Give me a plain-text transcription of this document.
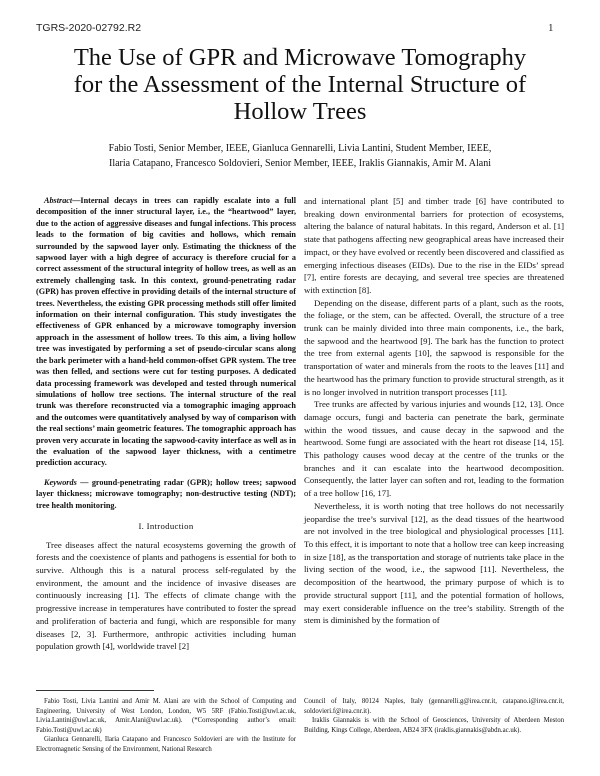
TGRS-2020-02792.R2	1
The Use of GPR and Microwave Tomography
for the Assessment of the Internal Structure of
Hollow Trees
Fabio Tosti, Senior Member, IEEE, Gianluca Gennarelli, Livia Lantini, Student Member, IEEE,
Ilaria Catapano, Francesco Soldovieri, Senior Member, IEEE, Iraklis Giannakis, Amir M. Alani

Abstract—Internal decays in trees can rapidly escalate into a full decomposition of the inner structural layer, i.e., the “heartwood” layer, due to the action of aggressive diseases and fungal infections. This process leads to the formation of big cavities and hollows, which remain surrounded by the sapwood layer only. Estimating the thickness of the sapwood layer with a high degree of accuracy is therefore crucial for a correct assessment of the structural integrity of hollow trees, as well as an extremely challenging task. In this context, ground-penetrating radar (GPR) has proven effective in providing details of the internal structure of trees. Nevertheless, the existing GPR processing methods still offer limited information on their internal configuration. This study investigates the effectiveness of GPR enhanced by a microwave tomography inversion approach in the assessment of hollow trees. To this aim, a living hollow tree was investigated by performing a set of pseudo-circular scans along the bark perimeter with a hand-held common-offset GPR system. The tree was then felled, and sections were cut for testing purposes. A dedicated data processing framework was developed and tested through numerical simulations of hollow tree sections. The internal structure of the real trunk was therefore reconstructed via a tomographic imaging approach and the outcomes were quantitatively analysed by way of comparison with the real sections’ main geometric features. The tomographic approach has proven very accurate in locating the sapwood-cavity interface as well as in the evaluation of the sapwood layer thickness, with a centimetre prediction accuracy.

Keywords — ground-penetrating radar (GPR); hollow trees; sapwood layer thickness; microwave tomography; non-destructive testing (NDT); tree health monitoring.

I. Introduction

Tree diseases affect the natural ecosystems governing the growth of forests and the coexistence of plants and pathogens is essential for both to survive. Although this is a natural process self-regulated by the environment, the amount and the incidence of invasive diseases are continuously increasing [1]. The effects of climate change with the progressive increase in temperatures have contributed to foster the spread and proliferation of bacteria and fungi, which are responsible for many diseases [2, 3]. Furthermore, anthropic activities including human population growth [4], worldwide travel [2]

and international plant [5] and timber trade [6] have contributed to breaking down environmental barriers for protection of ecosystems, altering the balance of natural habitats. In this regard, Anderson et al. [1] state that pathogens affecting new geographical areas have increased their impact, or they have evolved or recently been discovered and classified as emerging infectious diseases (EIDs). Due to the rise in the EIDs’ spread [7], entire forests are decaying, and several tree species are threatened with extinction [8].

Depending on the disease, different parts of a plant, such as the roots, the foliage, or the stem, can be affected. Overall, the structure of a tree trunk can be mainly divided into three main components, i.e., the bark, the sapwood and the heartwood [9]. The bark has the function to protect the tree from external agents [10], the sapwood is responsible for the transportation of water and minerals from the roots to the leaves [11] and the heartwood has the primary function to provide structural strength, as it is no longer involved in nutrition transport processes [11].

Tree trunks are affected by various injuries and wounds [12, 13]. Once damage occurs, fungi and bacteria can penetrate the bark, germinate within the wood tissues, and cause decay in the sapwood and the heartwood. Some fungi are associated with the heart rot disease [14, 15]. This pathology causes wood decay at the centre of the trunks or the branches and it can escalate into the heartwood decomposition. Consequently, the latter layer can soften and rot, leading to the formation of a tree hollow [16, 17].

Nevertheless, it is worth noting that tree hollows do not necessarily jeopardise the tree’s survival [12], as the dead tissues of the heartwood are not involved in the tree biological and physiological processes [11]. To this effect, it is important to note that a hollow tree can keep increasing in size [18], as the transportation and storage of nutrients take place in the living section of the wood, i.e., the sapwood [11]. Nevertheless, the decomposition of the heartwood, the primary purpose of which is to provide structural support [11], and the potential formation of hollows, may exert considerable influence on the tree’s stability. Strength of the stem is diminished by the formation of

Fabio Tosti, Livia Lantini and Amir M. Alani are with the School of Computing and Engineering, University of West London, London, W5 5RF (Fabio.Tosti@uwl.ac.uk, Livia.Lantini@uwl.ac.uk, Amir.Alani@uwl.ac.uk). (*Corresponding author’s email: Fabio.Tosti@uwl.ac.uk)

Gianluca Gennarelli, Ilaria Catapano and Francesco Soldovieri are with the Institute for Electromagnetic Sensing of the Environment, National Research

Council of Italy, 80124 Naples, Italy (gennarelli.g@irea.cnr.it, catapano.i@irea.cnr.it, soldovieri.f@irea.cnr.it).

Iraklis Giannakis is with the School of Geosciences, University of Aberdeen Meston Building, Kings College, Aberdeen, AB24 3FX (iraklis.giannakis@abdn.ac.uk).
